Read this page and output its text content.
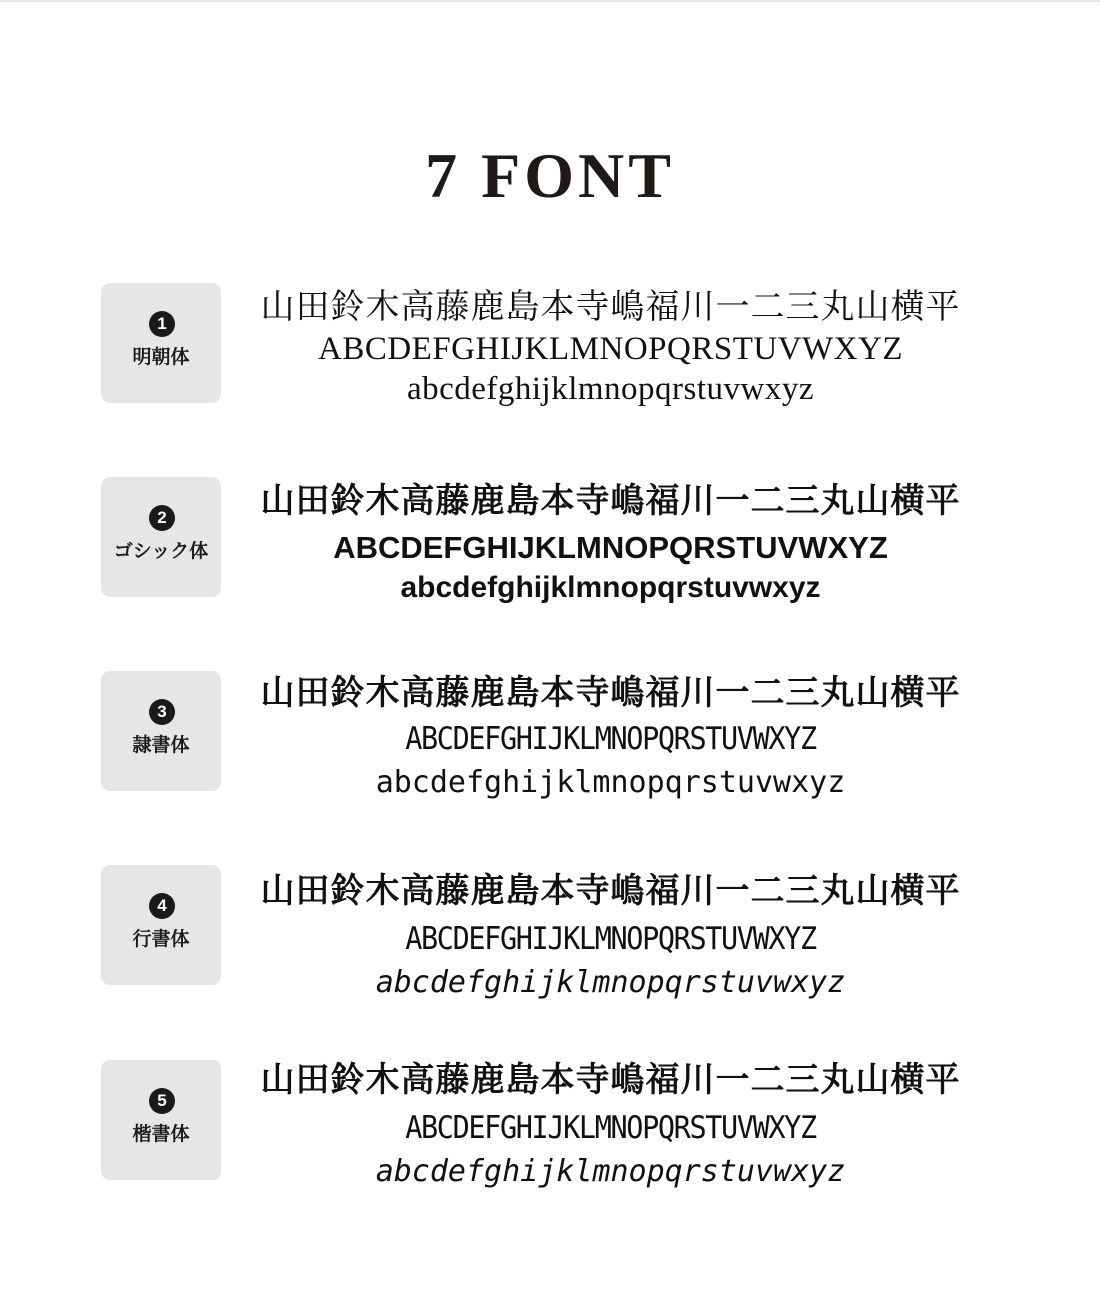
7 FONT
1
明朝体

山田鈴木高藤鹿島本寺嶋福川一二三丸山横平

ABCDEFGHIJKLMNOPQRSTUVWXYZ

abcdefghijklmnopqrstuvwxyz

2
ゴシック体

山田鈴木高藤鹿島本寺嶋福川一二三丸山横平

ABCDEFGHIJKLMNOPQRSTUVWXYZ

abcdefghijklmnopqrstuvwxyz

3
隷書体

山田鈴木高藤鹿島本寺嶋福川一二三丸山横平

ABCDEFGHIJKLMNOPQRSTUVWXYZ

abcdefghijklmnopqrstuvwxyz

4
行書体

山田鈴木高藤鹿島本寺嶋福川一二三丸山横平

ABCDEFGHIJKLMNOPQRSTUVWXYZ

abcdefghijklmnopqrstuvwxyz

5
楷書体

山田鈴木高藤鹿島本寺嶋福川一二三丸山横平

ABCDEFGHIJKLMNOPQRSTUVWXYZ

abcdefghijklmnopqrstuvwxyz
